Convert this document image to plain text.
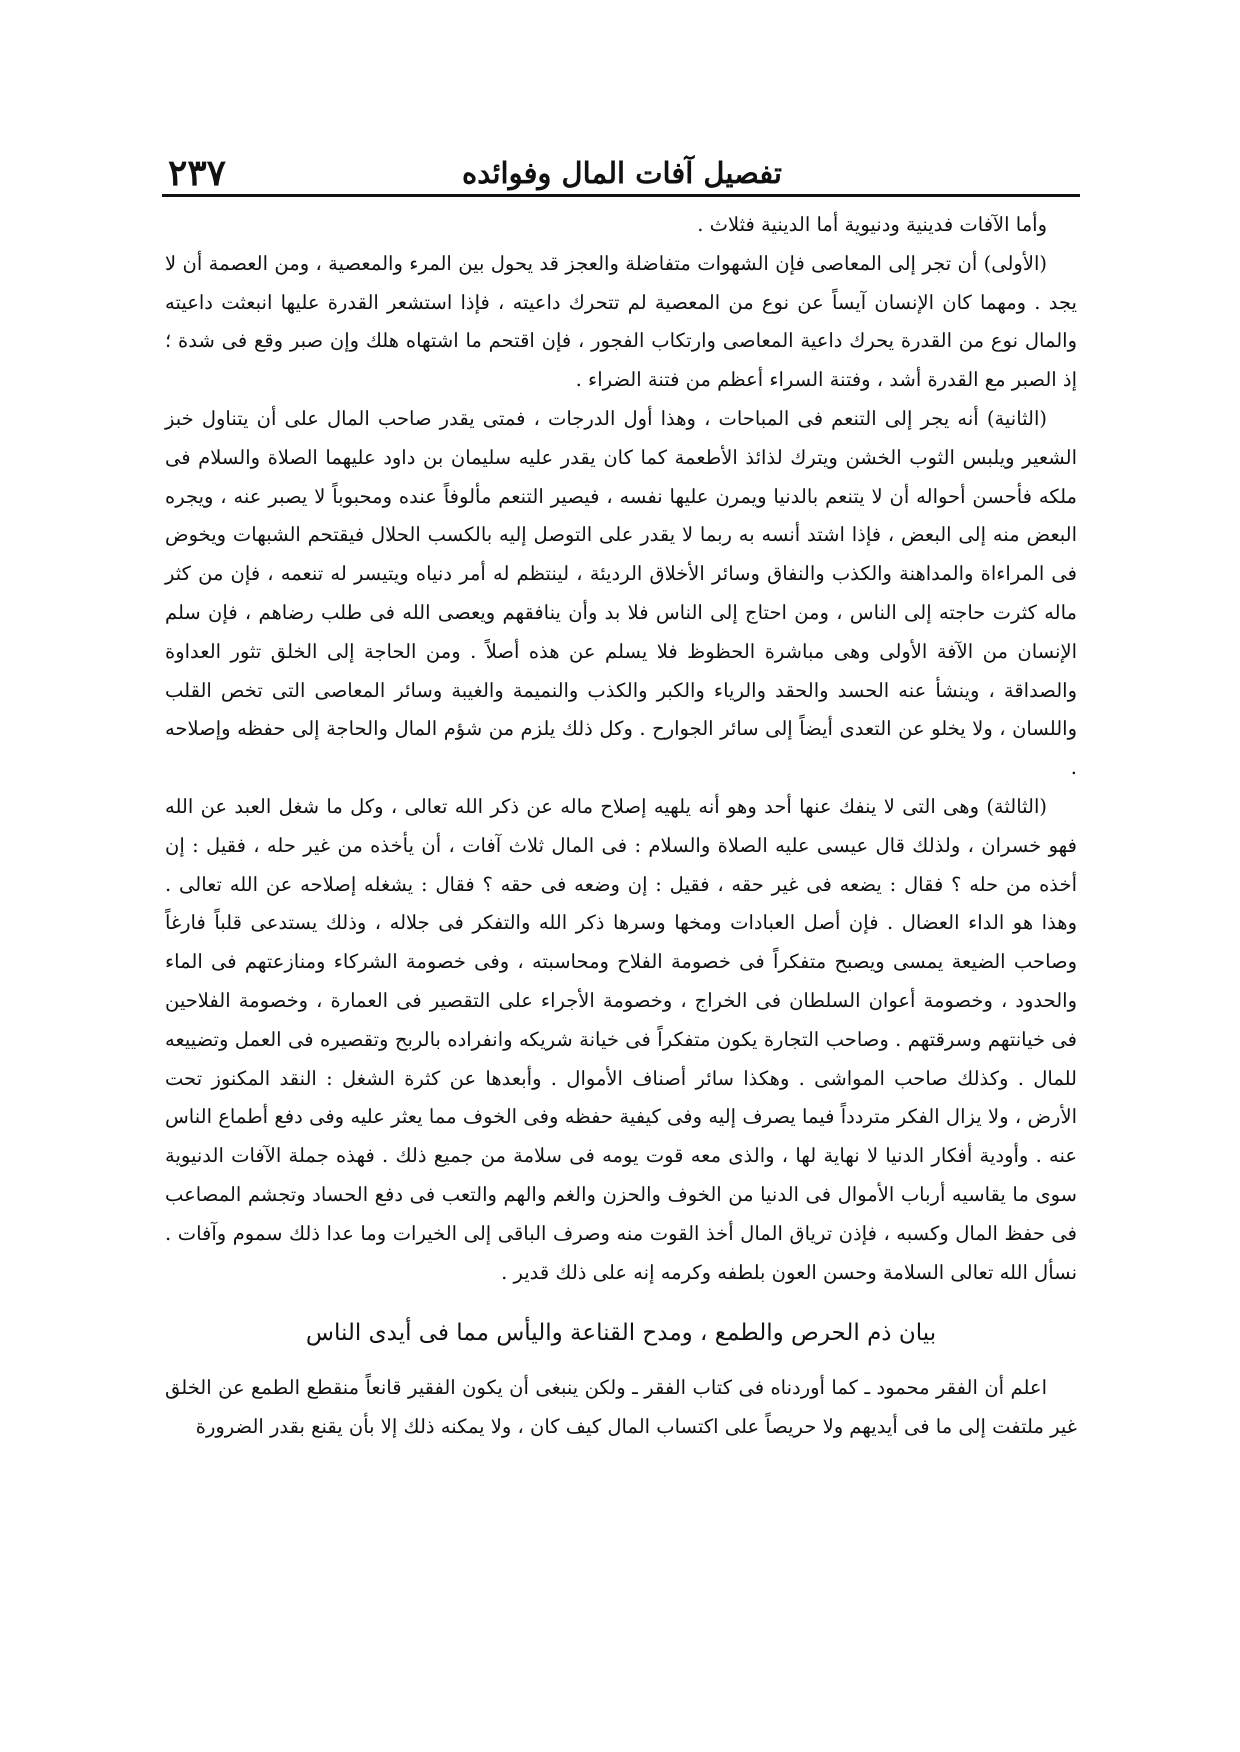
٢٣٧	تفصيل آفات المال وفوائده

وأما الآفات فدينية ودنيوية أما الدينية فثلاث .

(الأولى) أن تجر إلى المعاصى فإن الشهوات متفاضلة والعجز قد يحول بين المرء والمعصية ، ومن العصمة أن لا يجد . ومهما كان الإنسان آيساً عن نوع من المعصية لم تتحرك داعيته ، فإذا استشعر القدرة عليها انبعثت داعيته والمال نوع من القدرة يحرك داعية المعاصى وارتكاب الفجور ، فإن اقتحم ما اشتهاه هلك وإن صبر وقع فى شدة ؛ إذ الصبر مع القدرة أشد ، وفتنة السراء أعظم من فتنة الضراء .

(الثانية) أنه يجر إلى التنعم فى المباحات ، وهذا أول الدرجات ، فمتى يقدر صاحب المال على أن يتناول خبز الشعير ويلبس الثوب الخشن ويترك لذائذ الأطعمة كما كان يقدر عليه سليمان بن داود عليهما الصلاة والسلام فى ملكه فأحسن أحواله أن لا يتنعم بالدنيا ويمرن عليها نفسه ، فيصير التنعم مألوفاً عنده ومحبوباً لا يصبر عنه ، ويجره البعض منه إلى البعض ، فإذا اشتد أنسه به ربما لا يقدر على التوصل إليه بالكسب الحلال فيقتحم الشبهات ويخوض فى المراءاة والمداهنة والكذب والنفاق وسائر الأخلاق الرديئة ، لينتظم له أمر دنياه ويتيسر له تنعمه ، فإن من كثر ماله كثرت حاجته إلى الناس ، ومن احتاج إلى الناس فلا بد وأن ينافقهم ويعصى الله فى طلب رضاهم ، فإن سلم الإنسان من الآفة الأولى وهى مباشرة الحظوظ فلا يسلم عن هذه أصلاً . ومن الحاجة إلى الخلق تثور العداوة والصداقة ، وينشأ عنه الحسد والحقد والرياء والكبر والكذب والنميمة والغيبة وسائر المعاصى التى تخص القلب واللسان ، ولا يخلو عن التعدى أيضاً إلى سائر الجوارح . وكل ذلك يلزم من شؤم المال والحاجة إلى حفظه وإصلاحه .

(الثالثة) وهى التى لا ينفك عنها أحد وهو أنه يلهيه إصلاح ماله عن ذكر الله تعالى ، وكل ما شغل العبد عن الله فهو خسران ، ولذلك قال عيسى عليه الصلاة والسلام : فى المال ثلاث آفات ، أن يأخذه من غير حله ، فقيل : إن أخذه من حله ؟ فقال : يضعه فى غير حقه ، فقيل : إن وضعه فى حقه ؟ فقال : يشغله إصلاحه عن الله تعالى . وهذا هو الداء العضال . فإن أصل العبادات ومخها وسرها ذكر الله والتفكر فى جلاله ، وذلك يستدعى قلباً فارغاً وصاحب الضيعة يمسى ويصبح متفكراً فى خصومة الفلاح ومحاسبته ، وفى خصومة الشركاء ومنازعتهم فى الماء والحدود ، وخصومة أعوان السلطان فى الخراج ، وخصومة الأجراء على التقصير فى العمارة ، وخصومة الفلاحين فى خيانتهم وسرقتهم . وصاحب التجارة يكون متفكراً فى خيانة شريكه وانفراده بالربح وتقصيره فى العمل وتضييعه للمال . وكذلك صاحب المواشى . وهكذا سائر أصناف الأموال . وأبعدها عن كثرة الشغل : النقد المكنوز تحت الأرض ، ولا يزال الفكر متردداً فيما يصرف إليه وفى كيفية حفظه وفى الخوف مما يعثر عليه وفى دفع أطماع الناس عنه . وأودية أفكار الدنيا لا نهاية لها ، والذى معه قوت يومه فى سلامة من جميع ذلك . فهذه جملة الآفات الدنيوية سوى ما يقاسيه أرباب الأموال فى الدنيا من الخوف والحزن والغم والهم والتعب فى دفع الحساد وتجشم المصاعب فى حفظ المال وكسبه ، فإذن ترياق المال أخذ القوت منه وصرف الباقى إلى الخيرات وما عدا ذلك سموم وآفات . نسأل الله تعالى السلامة وحسن العون بلطفه وكرمه إنه على ذلك قدير .

بيان ذم الحرص والطمع ، ومدح القناعة واليأس مما فى أيدى الناس

اعلم أن الفقر محمود ـ كما أوردناه فى كتاب الفقر ـ ولكن ينبغى أن يكون الفقير قانعاً منقطع الطمع عن الخلق غير ملتفت إلى ما فى أيديهم ولا حريصاً على اكتساب المال كيف كان ، ولا يمكنه ذلك إلا بأن يقنع بقدر الضرورة
